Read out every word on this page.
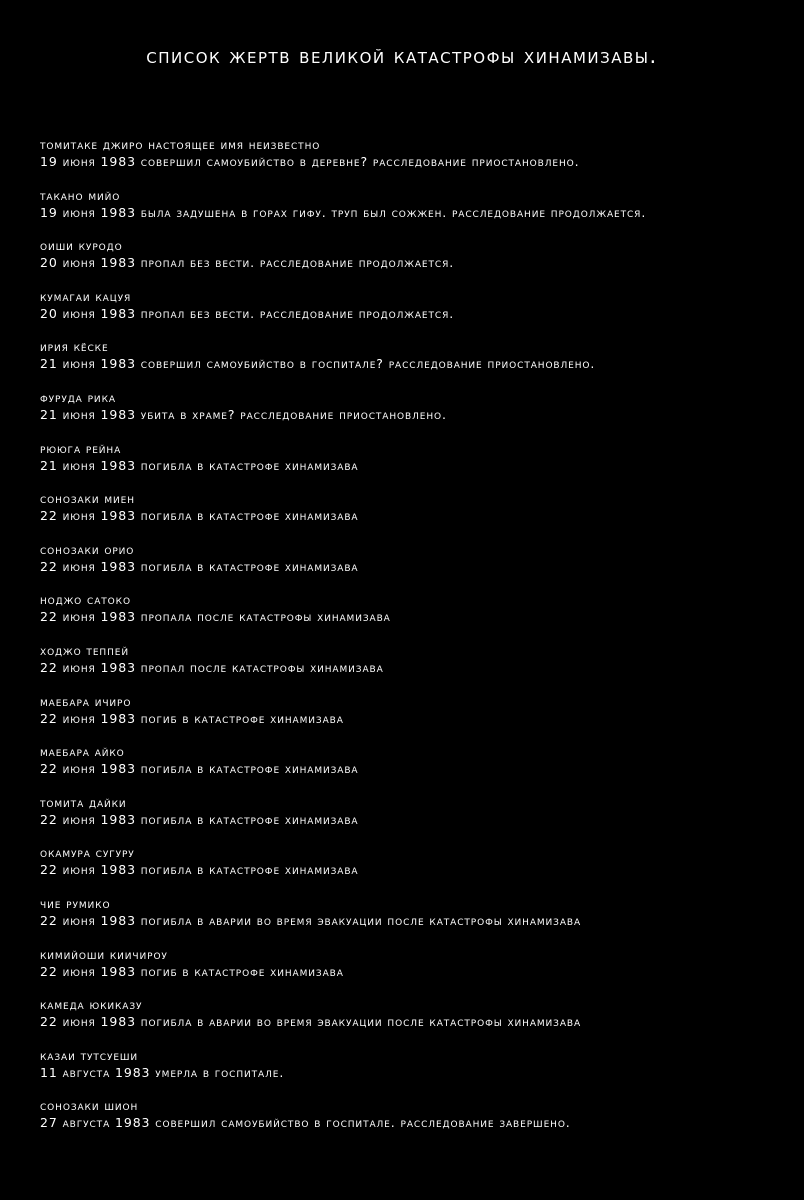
список жертв великой катастрофы хинамизавы.
томитаке джиро настоящее имя неизвестно
19 июня 1983 совершил самоубийство в деревне? расследование приостановлено.
такано мийо
19 июня 1983 была задушена в горах гифу. труп был сожжен. расследование продолжается.
оиши куродо
20 июня 1983 пропал без вести. расследование продолжается.
кумагаи кацуя
20 июня 1983 пропал без вести. расследование продолжается.
ирия кёске
21 июня 1983 совершил самоубийство в госпитале? расследование приостановлено.
фуруда рика
21 июня 1983 убита в храме? расследование приостановлено.
рююга рейна
21 июня 1983 погибла в катастрофе хинамизава
сонозаки миен
22 июня 1983 погибла в катастрофе хинамизава
сонозаки орио
22 июня 1983 погибла в катастрофе хинамизава
ноджо сатоко
22 июня 1983 пропала после катастрофы хинамизава
ходжо теппей
22 июня 1983 пропал после катастрофы хинамизава
маебара ичиро
22 июня 1983 погиб в катастрофе хинамизава
маебара айко
22 июня 1983 погибла в катастрофе хинамизава
томита дайки
22 июня 1983 погибла в катастрофе хинамизава
окамура сугуру
22 июня 1983 погибла в катастрофе хинамизава
чие румико
22 июня 1983 погибла в аварии во время эвакуации после катастрофы хинамизава
кимийоши киичироу
22 июня 1983 погиб в катастрофе хинамизава
камеда юкиказу
22 июня 1983 погибла в аварии во время эвакуации после катастрофы хинамизава
казаи тутсуеши
11 августа 1983 умерла в госпитале.
сонозаки шион
27 августа 1983 совершил самоубийство в госпитале. расследование завершено.
